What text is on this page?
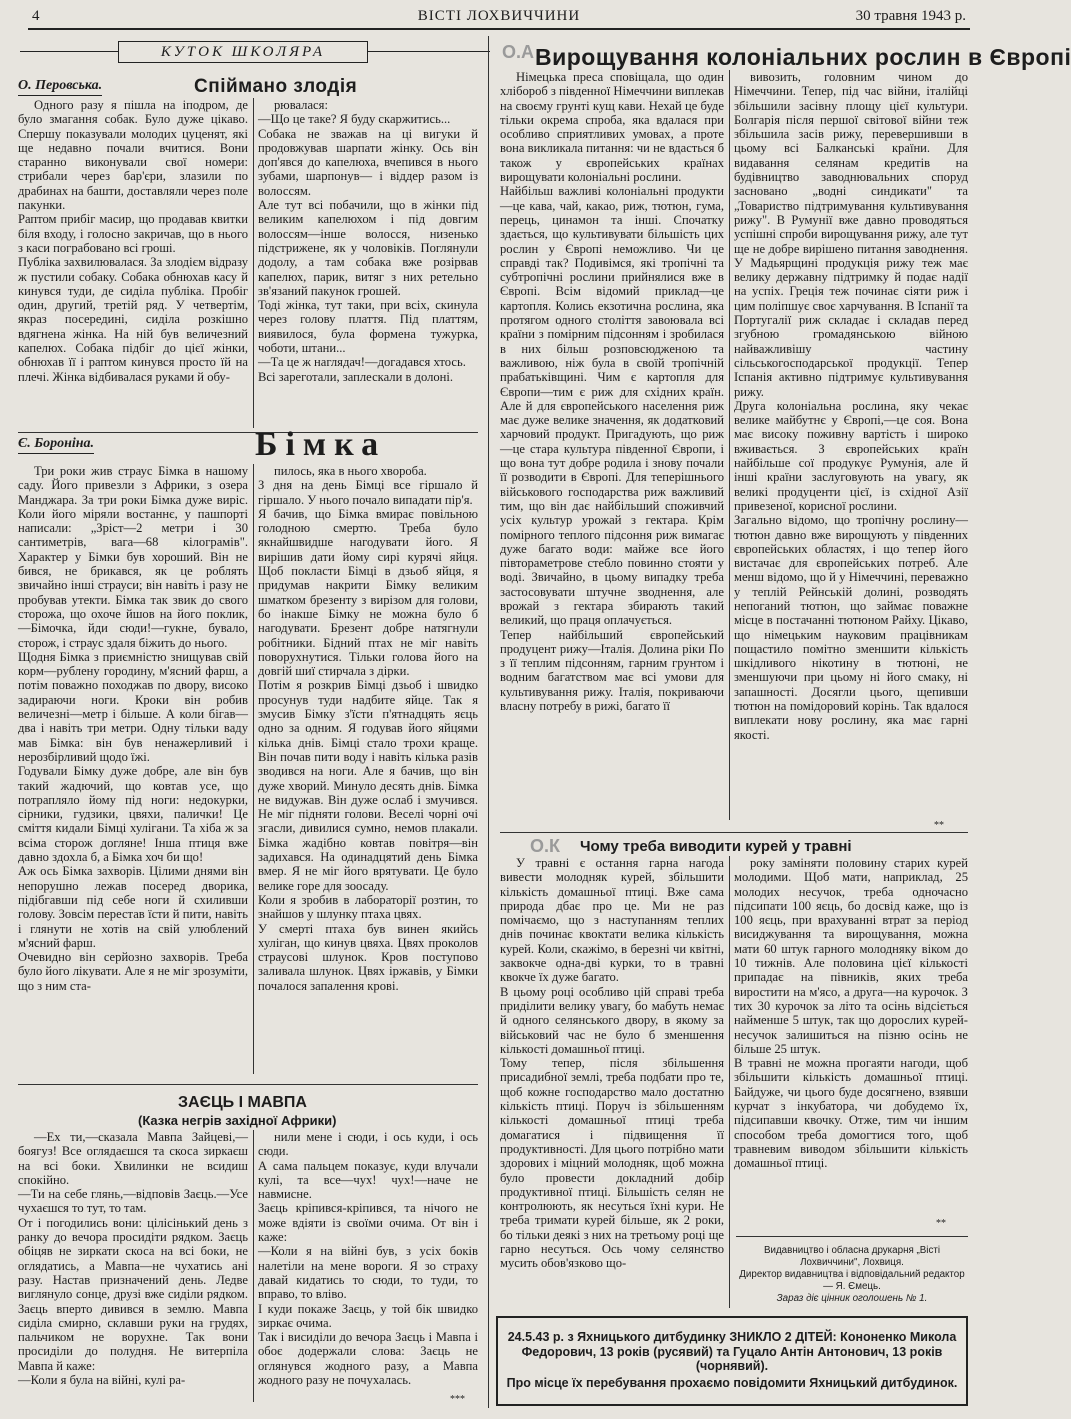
4	ВІСТІ ЛОХВИЧЧИНИ	30 травня 1943 р.
КУТОК ШКОЛЯРА
О. Перовська.	Спіймано злодія

Одного разу я пішла на іподром, де було змагання собак. Було дуже цікаво. Спершу показували молодих цуценят, які ще недавно почали вчитися. Вони старанно виконували свої номери: стрибали через бар'єри, злазили по драбинах на башти, доставляли через поле пакунки.
Раптом прибіг масир, що продавав квитки біля входу, і голосно закричав, що в нього з каси пограбовано всі гроші.
Публіка захвилювалася. За злодієм відразу ж пустили собаку. Собака обнюхав касу й кинувся туди, де сиділа публіка. Пробіг один, другий, третій ряд. У четвертім, якраз посередині, сиділа розкішно вдягнена жінка. На ній був величезний капелюх. Собака підбіг до цієї жінки, обнюхав її і раптом кинувся просто їй на плечі. Жінка відбивалася руками й обу-

рювалася:
—Що це таке? Я буду скаржитись...
Собака не зважав на ці вигуки й продовжував шарпати жінку. Ось він доп'явся до капелюха, вчепився в нього зубами, шарпонув— і віддер разом із волоссям.
Але тут всі побачили, що в жінки під великим капелюхом і під довгим волоссям—інше волосся, низенько підстрижене, як у чоловіків. Поглянули додолу, а там собака вже розірвав капелюх, парик, витяг з них ретельно зв'язаний пакунок грошей.
Тоді жінка, тут таки, при всіх, скинула через голову плаття. Під платтям, виявилося, була формена тужурка, чоботи, штани...
—Та це ж наглядач!—догадався хтось.
Всі зареготали, заплескали в долоні.

Є. Бороніна.	Бімка

Три роки жив страус Бімка в нашому саду. Його привезли з Африки, з озера Манджара. За три роки Бімка дуже виріс. Коли його міряли востаннє, у пашпорті написали: „Зріст—2 метри і 30 сантиметрів, вага—68 кілограмів". Характер у Бімки був хороший. Він не бився, не брикався, як це роблять звичайно інші страуси; він навіть і разу не пробував утекти. Бімка так звик до свого сторожа, що охоче йшов на його поклик,—Бімочка, йди сюди!—гукне, бувало, сторож, і страус здаля біжить до нього.
Щодня Бімка з приємністю знищував свій корм—рублену городину, м'ясний фарш, а потім поважно походжав по двору, високо задираючи ноги. Кроки він робив величезні—метр і більше. А коли бігав—два і навіть три метри. Одну тільки ваду мав Бімка: він був ненажерливий і нерозбірливий щодо їжі.
Годували Бімку дуже добре, але він був такий жадючий, що ковтав усе, що потрапляло йому під ноги: недокурки, сірники, гудзики, цвяхи, палички! Це сміття кидали Бімці хулігани. Та хіба ж за всіма сторож догляне! Інша птиця вже давно здохла б, а Бімка хоч би що!
Аж ось Бімка захворів. Цілими днями він непорушно лежав посеред дворика, підібгавши під себе ноги й схиливши голову. Зовсім перестав їсти й пити, навіть і глянути не хотів на свій улюблений м'ясний фарш.
Очевидно він серйозно захворів. Треба було його лікувати. Але я не міг зрозуміти, що з ним ста-

пилось, яка в нього хвороба.
З дня на день Бімці все гіршало й гіршало. У нього почало випадати пір'я.
Я бачив, що Бімка вмирає повільною голодною смертю. Треба було якнайшвидше нагодувати його. Я вирішив дати йому сирі курячі яйця. Щоб покласти Бімці в дзьоб яйця, я придумав накрити Бімку великим шматком брезенту з вирізом для голови, бо інакше Бімку не можна було б нагодувати. Брезент добре натягнули робітники. Бідний птах не міг навіть поворухнутися. Тільки голова його на довгій шиї стирчала з дірки.
Потім я розкрив Бімці дзьоб і швидко просунув туди надбите яйце. Так я змусив Бімку з'їсти п'ятнадцять яєць одно за одним. Я годував його яйцями кілька днів. Бімці стало трохи краще. Він почав пити воду і навіть кілька разів зводився на ноги. Але я бачив, що він дуже хворий. Минуло десять днів. Бімка не видужав. Він дуже ослаб і змучився. Не міг підняти голови. Веселі чорні очі згасли, дивилися сумно, немов плакали. Бімка жадібно ковтав повітря—він задихався. На одинадцятий день Бімка вмер. Я не міг його врятувати. Це було велике горе для зоосаду.
Коли я зробив в лабораторії розтин, то знайшов у шлунку птаха цвях.
У смерті птаха був винен якийсь хуліган, що кинув цвяха. Цвях проколов страусові шлунок. Кров поступово заливала шлунок. Цвях іржавів, у Бімки почалося запалення крові.

ЗАЄЦЬ І МАВПА
(Казка негрів західної Африки)

—Ех ти,—сказала Мавпа Зайцеві,—боягуз! Все оглядаєшся та скоса зиркаєш на всі боки. Хвилинки не всидиш спокійно.
—Ти на себе глянь,—відповів Заєць.—Усе чухаєшся то тут, то там.
От і погодились вони: цілісінький день з ранку до вечора просидіти рядком. Заєць обіцяв не зиркати скоса на всі боки, не оглядатись, а Мавпа—не чухатись ані разу. Настав призначений день. Ледве виглянуло сонце, друзі вже сиділи рядком. Заєць вперто дивився в землю. Мавпа сиділа смирно, склавши руки на грудях, пальчиком не ворухне. Так вони просиділи до полудня. Не витерпіла Мавпа й каже:
—Коли я була на війні, кулі ра-

нили мене і сюди, і ось куди, і ось сюди.
А сама пальцем показує, куди влучали кулі, та все—чух! чух!—наче не навмисне.
Заєць кріпився-кріпився, та нічого не може вдіяти із своїми очима. От він і каже:
—Коли я на війні був, з усіх боків налетіли на мене вороги. Я зо страху давай кидатись то сюди, то туди, то вправо, то вліво.
І куди покаже Заєць, у той бік швидко зиркає очима.
Так і висиділи до вечора Заєць і Мавпа і обоє додержали слова: Заєць не оглянувся жодного разу, а Мавпа жодного разу не почухалась.

***
О.А Вирощування колоніальних рослин в Європі

Німецька преса сповіщала, що один хлібороб з південної Німеччини виплекав на своєму грунті кущ кави. Нехай це буде тільки окрема спроба, яка вдалася при особливо сприятливих умовах, а проте вона викликала питання: чи не вдасться б також у європейських країнах вирощувати колоніальні рослини.
Найбільш важливі колоніальні продукти—це кава, чай, какао, риж, тютюн, гума, перець, цинамон та інші. Спочатку здається, що культивувати більшість цих рослин у Європі неможливо. Чи це справді так? Подивімся, які тропічні та субтропічні рослини прийнялися вже в Європі. Всім відомий приклад—це картопля. Колись екзотична рослина, яка протягом одного століття завоювала всі країни з помірним підсонням і зробилася в них більш розповсюдженою та важливою, ніж була в своїй тропічній прабатьківщині. Чим є картопля для Європи—тим є риж для східних країн. Але й для європейського населення риж має дуже велике значення, як додатковий харчовий продукт. Пригадують, що риж—це стара культура південної Європи, і що вона тут добре родила і знову почали її розводити в Європі. Для теперішнього військового господарства риж важливий тим, що він дає найбільший споживчий усіх культур урожай з гектара. Крім помірного теплого підсоння риж вимагає дуже багато води: майже все його півтораметрове стебло повинно стояти у воді. Звичайно, в цьому випадку треба застосовувати штучне зводнення, але врожай з гектара збирають такий великий, що праця оплачується.
Тепер найбільший європейський продуцент рижу—Італія. Долина ріки По з її теплим підсонням, гарним грунтом і водним багатством має всі умови для культивування рижу. Італія, покриваючи власну потребу в рижі, багато її

вивозить, головним чином до Німеччини. Тепер, під час війни, італійці збільшили засівну площу цієї культури. Болгарія після першої світової війни теж збільшила засів рижу, перевершивши в цьому всі Балканські країни. Для видавання селянам кредитів на будівництво заводнювальних споруд засновано „водні синдикати" та „Товариство підтримування культивування рижу". В Румунії вже давно проводяться успішні спроби вирощування рижу, але тут ще не добре вирішено питання заводнення. У Мадьярщині продукція рижу теж має велику державну підтримку й подає надії на успіх. Греція теж починає сіяти риж і цим поліпшує своє харчування. В Іспанії та Португалії риж складає і складав перед згубною громадянською війною найважливішу частину сільськогосподарської продукції. Тепер Іспанія активно підтримує культивування рижу.
Друга колоніальна рослина, яку чекає велике майбутнє у Європі,—це соя. Вона має високу поживну вартість і широко вживається. З європейських країн найбільше сої продукує Румунія, але й інші країни заслуговують на увагу, як великі продуценти цієї, із східної Азії привезеної, корисної рослини.
Загально відомо, що тропічну рослину—тютюн давно вже вирощують у південних європейських областях, і що тепер його вистачає для європейських потреб. Але менш відомо, що й у Німеччині, переважно у теплій Рейнській долині, розводять непоганий тютюн, що займає поважне місце в постачанні тютюном Райху. Цікаво, що німецьким науковим працівникам пощастило помітно зменшити кількість шкідливого нікотину в тютюні, не зменшуючи при цьому ні його смаку, ні запашності. Досягли цього, щепивши тютюн на помідоровий корінь. Так вдалося виплекати нову рослину, яка має гарні якості.

**
О.К Чому треба виводити курей у травні

У травні є остання гарна нагода вивести молодняк курей, збільшити кількість домашньої птиці. Вже сама природа дбає про це. Ми не раз помічаємо, що з наступанням теплих днів починає квоктати велика кількість курей. Коли, скажімо, в березні чи квітні, заквокче одна-дві курки, то в травні квокче їх дуже багато.
В цьому році особливо цій справі треба приділити велику увагу, бо мабуть немає й одного селянського двору, в якому за військовий час не було б зменшення кількості домашньої птиці.
Тому тепер, після збільшення присадибної землі, треба подбати про те, щоб кожне господарство мало достатню кількість птиці. Поруч із збільшенням кількості домашньої птиці треба домагатися і підвищення її продуктивності. Для цього потрібно мати здорових і міцний молодняк, щоб можна було провести докладний добір продуктивної птиці. Більшість селян не контролюють, як несуться їхні кури. Не треба тримати курей більше, як 2 роки, бо тільки деякі з них на третьому році ще гарно несуться. Ось чому селянство мусить обов'язково що-

року заміняти половину старих курей молодими. Щоб мати, наприклад, 25 молодих несучок, треба одночасно підсипати 100 яєць, бо досвід каже, що із 100 яєць, при врахуванні втрат за період висиджування та вирощування, можна мати 60 штук гарного молодняку віком до 10 тижнів. Але половина цієї кількості припадає на півників, яких треба виростити на м'ясо, а друга—на курочок. З тих 30 курочок за літо та осінь відсіється найменше 5 штук, так що дорослих курей-несучок залишиться на пізню осінь не більше 25 штук.
В травні не можна прогаяти нагоди, щоб збільшити кількість домашньої птиці. Байдуже, чи цього буде досягнено, взявши курчат з інкубатора, чи добудемо їх, підсипавши квочку. Отже, тим чи іншим способом треба домогтися того, щоб травневим виводом збільшити кількість домашньої птиці.

**
Видавництво і обласна друкарня „Вісті Лохвиччини", Лохвиця.
Директор видавництва і відповідальний редактор — Я. Ємець.
Зараз діє цінник оголошень № 1.
24.5.43 р. з Яхницького дитбудинку ЗНИКЛО 2 ДІТЕЙ: Кононенко Микола Федорович, 13 років (русявий) та Гуцало Антін Антонович, 13 років (чорнявий).
Про місце їх перебування прохаємо повідомити Яхницький дитбудинок.
